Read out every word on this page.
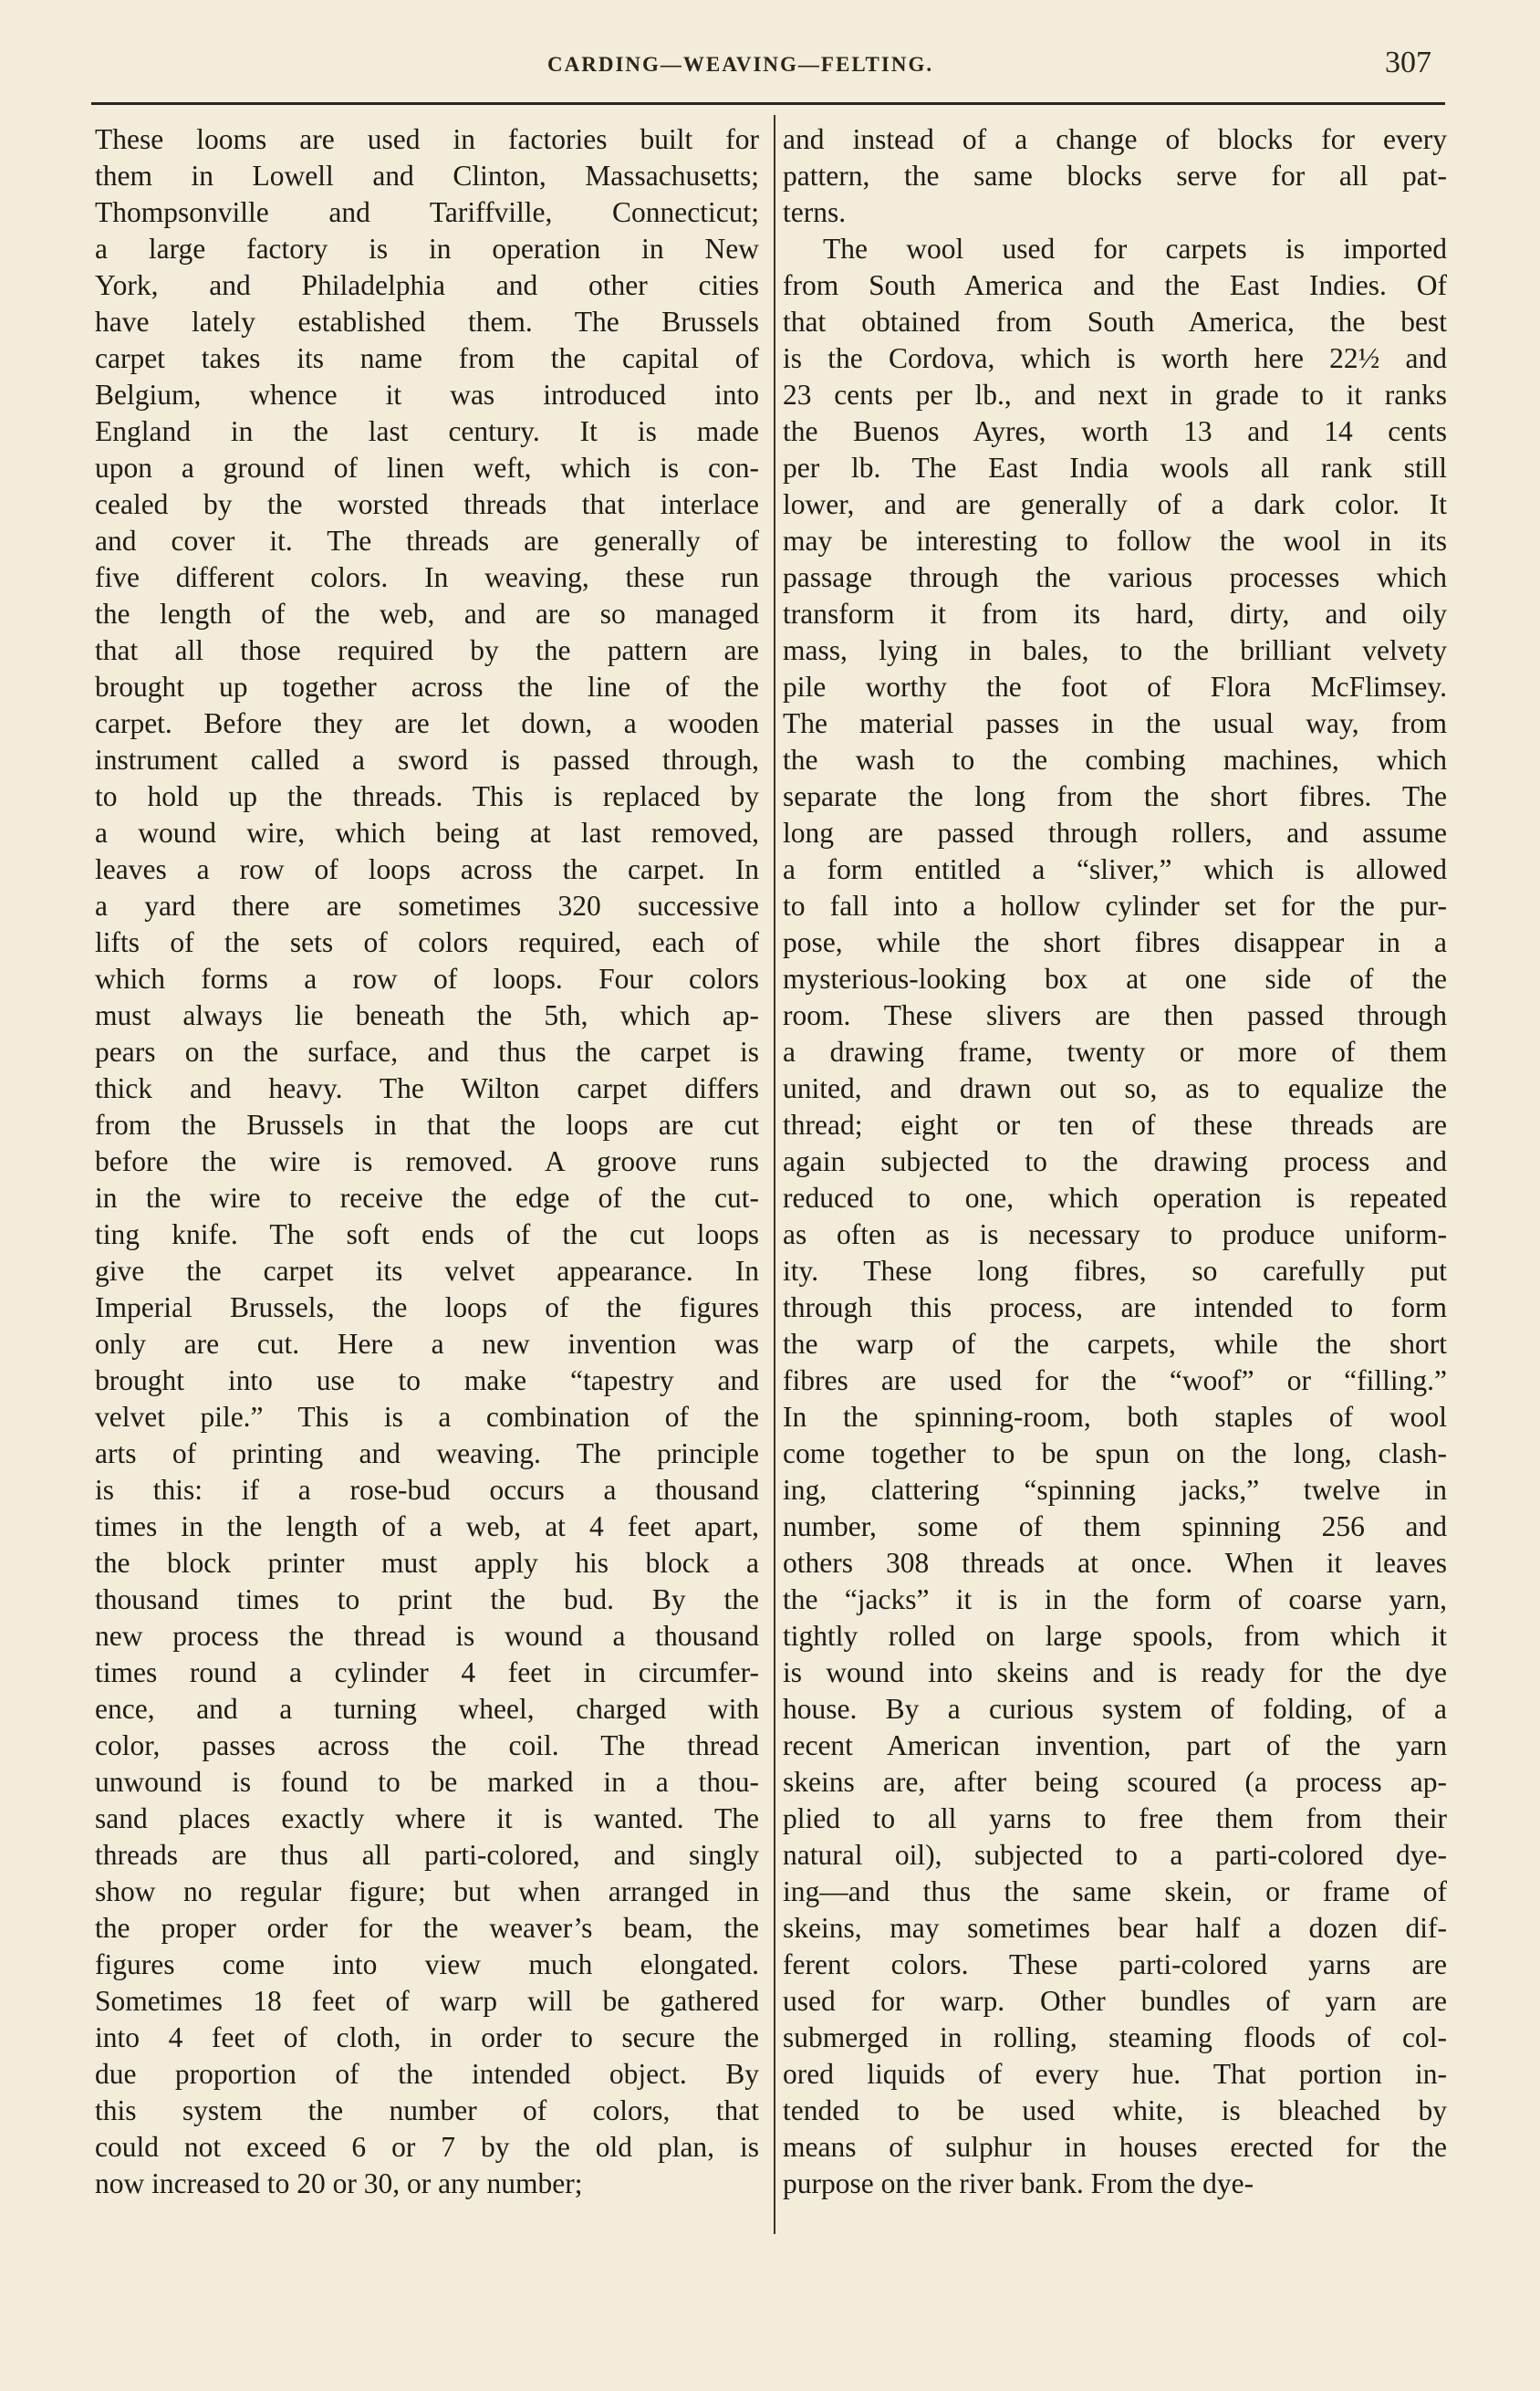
CARDING—WEAVING—FELTING.	307
These looms are used in factories built for
them in Lowell and Clinton, Massachusetts;
Thompsonville and Tariffville, Connecticut;
a large factory is in operation in New
York, and Philadelphia and other cities
have lately established them. The Brussels
carpet takes its name from the capital of
Belgium, whence it was introduced into
England in the last century. It is made
upon a ground of linen weft, which is con-
cealed by the worsted threads that interlace
and cover it. The threads are generally of
five different colors. In weaving, these run
the length of the web, and are so managed
that all those required by the pattern are
brought up together across the line of the
carpet. Before they are let down, a wooden
instrument called a sword is passed through,
to hold up the threads. This is replaced by
a wound wire, which being at last removed,
leaves a row of loops across the carpet. In
a yard there are sometimes 320 successive
lifts of the sets of colors required, each of
which forms a row of loops. Four colors
must always lie beneath the 5th, which ap-
pears on the surface, and thus the carpet is
thick and heavy. The Wilton carpet differs
from the Brussels in that the loops are cut
before the wire is removed. A groove runs
in the wire to receive the edge of the cut-
ting knife. The soft ends of the cut loops
give the carpet its velvet appearance. In
Imperial Brussels, the loops of the figures
only are cut. Here a new invention was
brought into use to make “tapestry and
velvet pile.” This is a combination of the
arts of printing and weaving. The principle
is this: if a rose-bud occurs a thousand
times in the length of a web, at 4 feet apart,
the block printer must apply his block a
thousand times to print the bud. By the
new process the thread is wound a thousand
times round a cylinder 4 feet in circumfer-
ence, and a turning wheel, charged with
color, passes across the coil. The thread
unwound is found to be marked in a thou-
sand places exactly where it is wanted. The
threads are thus all parti-colored, and singly
show no regular figure; but when arranged in
the proper order for the weaver’s beam, the
figures come into view much elongated.
Sometimes 18 feet of warp will be gathered
into 4 feet of cloth, in order to secure the
due proportion of the intended object. By
this system the number of colors, that
could not exceed 6 or 7 by the old plan, is
now increased to 20 or 30, or any number;
and instead of a change of blocks for every
pattern, the same blocks serve for all pat-
terns.
The wool used for carpets is imported
from South America and the East Indies. Of
that obtained from South America, the best
is the Cordova, which is worth here 22½ and
23 cents per lb., and next in grade to it ranks
the Buenos Ayres, worth 13 and 14 cents
per lb. The East India wools all rank still
lower, and are generally of a dark color. It
may be interesting to follow the wool in its
passage through the various processes which
transform it from its hard, dirty, and oily
mass, lying in bales, to the brilliant velvety
pile worthy the foot of Flora McFlimsey.
The material passes in the usual way, from
the wash to the combing machines, which
separate the long from the short fibres. The
long are passed through rollers, and assume
a form entitled a “sliver,” which is allowed
to fall into a hollow cylinder set for the pur-
pose, while the short fibres disappear in a
mysterious-looking box at one side of the
room. These slivers are then passed through
a drawing frame, twenty or more of them
united, and drawn out so, as to equalize the
thread; eight or ten of these threads are
again subjected to the drawing process and
reduced to one, which operation is repeated
as often as is necessary to produce uniform-
ity. These long fibres, so carefully put
through this process, are intended to form
the warp of the carpets, while the short
fibres are used for the “woof” or “filling.”
In the spinning-room, both staples of wool
come together to be spun on the long, clash-
ing, clattering “spinning jacks,” twelve in
number, some of them spinning 256 and
others 308 threads at once. When it leaves
the “jacks” it is in the form of coarse yarn,
tightly rolled on large spools, from which it
is wound into skeins and is ready for the dye
house. By a curious system of folding, of a
recent American invention, part of the yarn
skeins are, after being scoured (a process ap-
plied to all yarns to free them from their
natural oil), subjected to a parti-colored dye-
ing—and thus the same skein, or frame of
skeins, may sometimes bear half a dozen dif-
ferent colors. These parti-colored yarns are
used for warp. Other bundles of yarn are
submerged in rolling, steaming floods of col-
ored liquids of every hue. That portion in-
tended to be used white, is bleached by
means of sulphur in houses erected for the
purpose on the river bank. From the dye-
